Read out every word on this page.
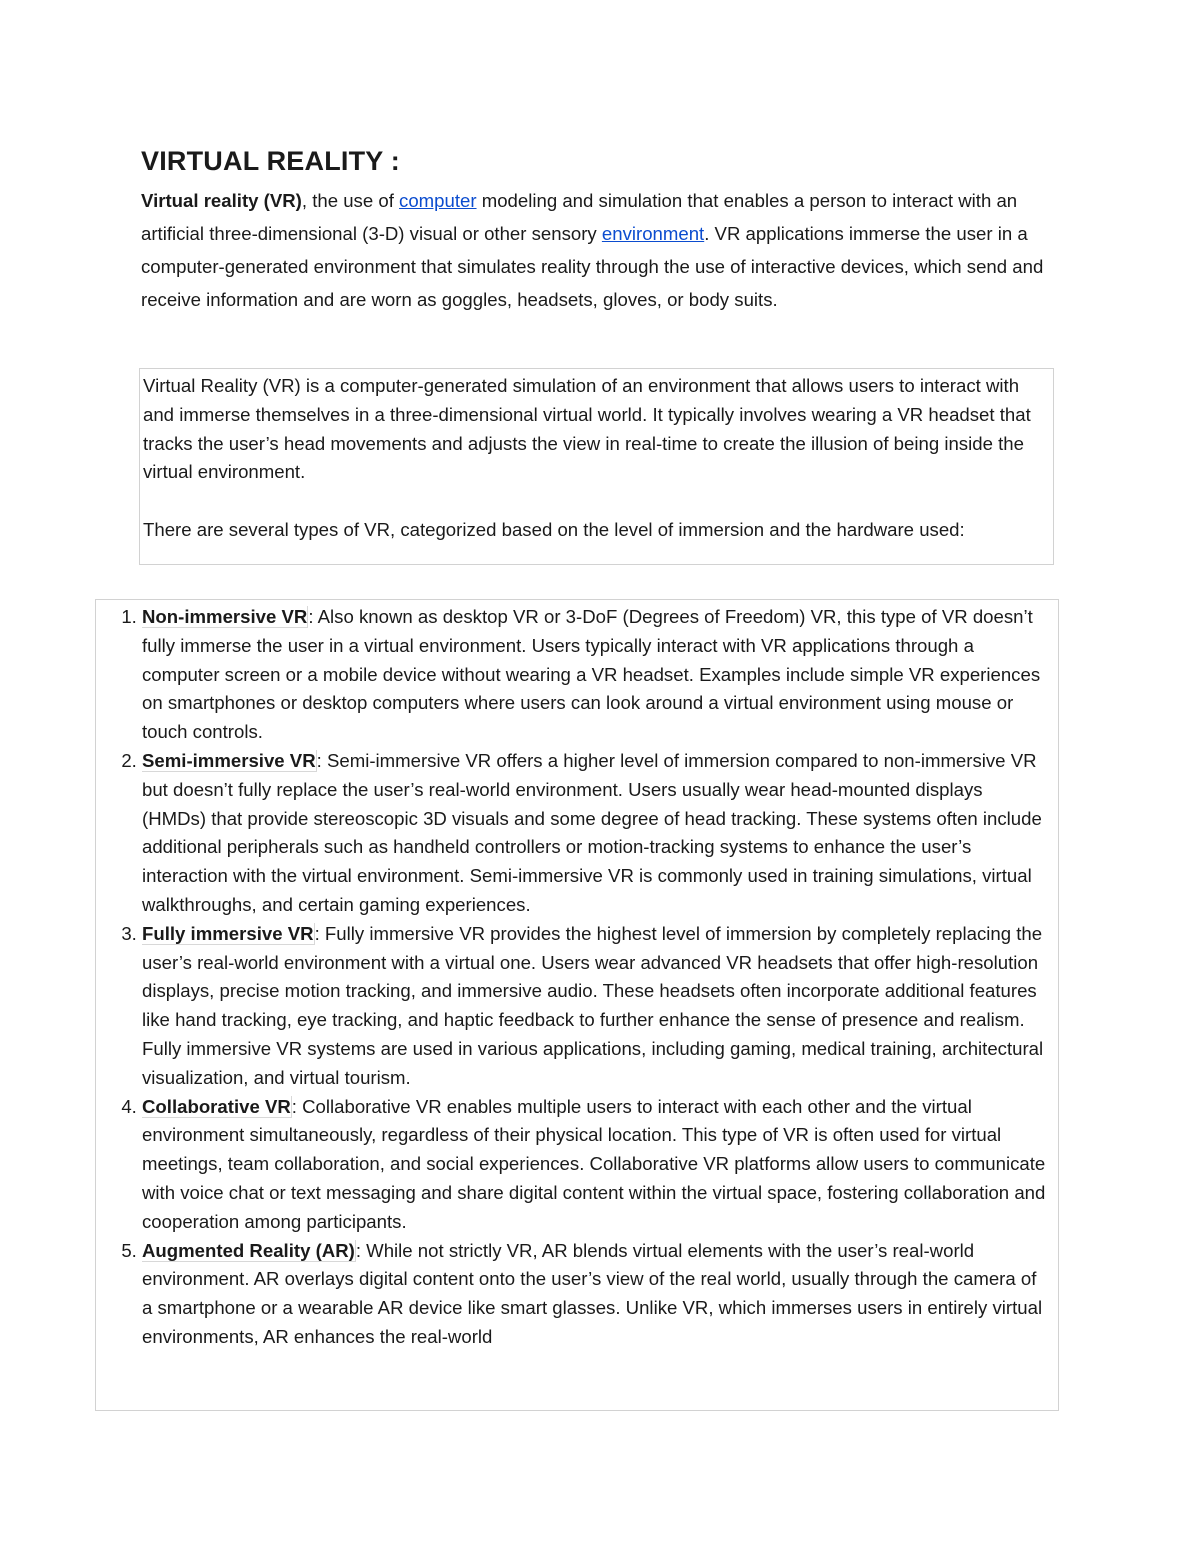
VIRTUAL REALITY :

Virtual reality (VR), the use of computer modeling and simulation that enables a person to interact with an artificial three-dimensional (3-D) visual or other sensory environment. VR applications immerse the user in a computer-generated environment that simulates reality through the use of interactive devices, which send and receive information and are worn as goggles, headsets, gloves, or body suits.

Virtual Reality (VR) is a computer-generated simulation of an environment that allows users to interact with and immerse themselves in a three-dimensional virtual world. It typically involves wearing a VR headset that tracks the user’s head movements and adjusts the view in real-time to create the illusion of being inside the virtual environment.

There are several types of VR, categorized based on the level of immersion and the hardware used:

1. Non-immersive VR: Also known as desktop VR or 3-DoF (Degrees of Freedom) VR, this type of VR doesn’t fully immerse the user in a virtual environment. Users typically interact with VR applications through a computer screen or a mobile device without wearing a VR headset. Examples include simple VR experiences on smartphones or desktop computers where users can look around a virtual environment using mouse or touch controls.
2. Semi-immersive VR: Semi-immersive VR offers a higher level of immersion compared to non-immersive VR but doesn’t fully replace the user’s real-world environment. Users usually wear head-mounted displays (HMDs) that provide stereoscopic 3D visuals and some degree of head tracking. These systems often include additional peripherals such as handheld controllers or motion-tracking systems to enhance the user’s interaction with the virtual environment. Semi-immersive VR is commonly used in training simulations, virtual walkthroughs, and certain gaming experiences.
3. Fully immersive VR: Fully immersive VR provides the highest level of immersion by completely replacing the user’s real-world environment with a virtual one. Users wear advanced VR headsets that offer high-resolution displays, precise motion tracking, and immersive audio. These headsets often incorporate additional features like hand tracking, eye tracking, and haptic feedback to further enhance the sense of presence and realism. Fully immersive VR systems are used in various applications, including gaming, medical training, architectural visualization, and virtual tourism.
4. Collaborative VR: Collaborative VR enables multiple users to interact with each other and the virtual environment simultaneously, regardless of their physical location. This type of VR is often used for virtual meetings, team collaboration, and social experiences. Collaborative VR platforms allow users to communicate with voice chat or text messaging and share digital content within the virtual space, fostering collaboration and cooperation among participants.
5. Augmented Reality (AR): While not strictly VR, AR blends virtual elements with the user’s real-world environment. AR overlays digital content onto the user’s view of the real world, usually through the camera of a smartphone or a wearable AR device like smart glasses. Unlike VR, which immerses users in entirely virtual environments, AR enhances the real-world
